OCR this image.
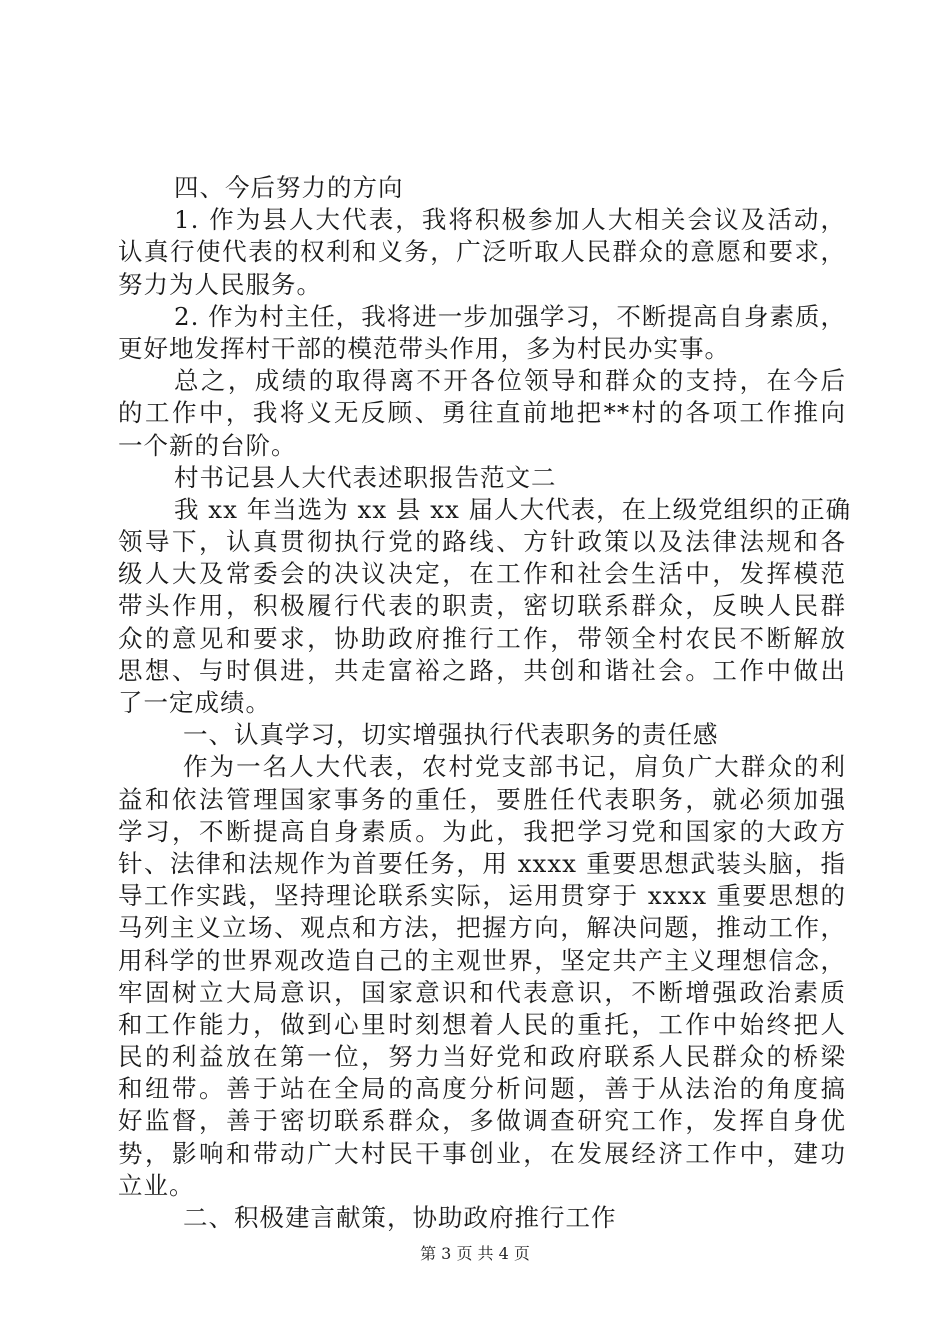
四、今后努力的方向
1. 作为县人大代表，我将积极参加人大相关会议及活动，
认真行使代表的权利和义务，广泛听取人民群众的意愿和要求，
努力为人民服务。
2. 作为村主任，我将进一步加强学习，不断提高自身素质，
更好地发挥村干部的模范带头作用，多为村民办实事。
总之，成绩的取得离不开各位领导和群众的支持，在今后
的工作中，我将义无反顾、勇往直前地把**村的各项工作推向
一个新的台阶。
村书记县人大代表述职报告范文二
我 xx 年当选为 xx 县 xx 届人大代表，在上级党组织的正确
领导下，认真贯彻执行党的路线、方针政策以及法律法规和各
级人大及常委会的决议决定，在工作和社会生活中，发挥模范
带头作用，积极履行代表的职责，密切联系群众，反映人民群
众的意见和要求，协助政府推行工作，带领全村农民不断解放
思想、与时俱进，共走富裕之路，共创和谐社会。工作中做出
了一定成绩。
一、认真学习，切实增强执行代表职务的责任感
作为一名人大代表，农村党支部书记，肩负广大群众的利
益和依法管理国家事务的重任，要胜任代表职务，就必须加强
学习，不断提高自身素质。为此，我把学习党和国家的大政方
针、法律和法规作为首要任务，用 xxxx 重要思想武装头脑，指
导工作实践，坚持理论联系实际，运用贯穿于 xxxx 重要思想的
马列主义立场、观点和方法，把握方向，解决问题，推动工作，
用科学的世界观改造自己的主观世界，坚定共产主义理想信念，
牢固树立大局意识，国家意识和代表意识，不断增强政治素质
和工作能力，做到心里时刻想着人民的重托，工作中始终把人
民的利益放在第一位，努力当好党和政府联系人民群众的桥梁
和纽带。善于站在全局的高度分析问题，善于从法治的角度搞
好监督，善于密切联系群众，多做调查研究工作，发挥自身优
势，影响和带动广大村民干事创业，在发展经济工作中，建功
立业。
二、积极建言献策，协助政府推行工作
第 3 页 共 4 页
